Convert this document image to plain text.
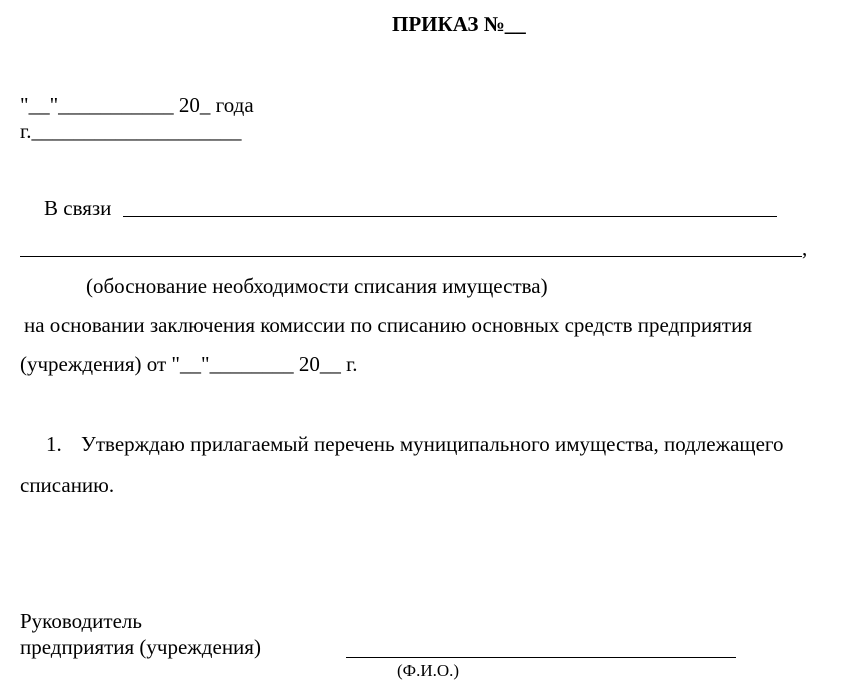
ПРИКАЗ №__
"__"___________ 20_ года
г.____________________
В связи
,
(обоснование необходимости списания имущества)
на основании заключения комиссии по списанию основных средств предприятия
(учреждения) от "__"________ 20__ г.
1. Утверждаю прилагаемый перечень муниципального имущества, подлежащего
списанию.
Руководитель
предприятия (учреждения)
(Ф.И.О.)
